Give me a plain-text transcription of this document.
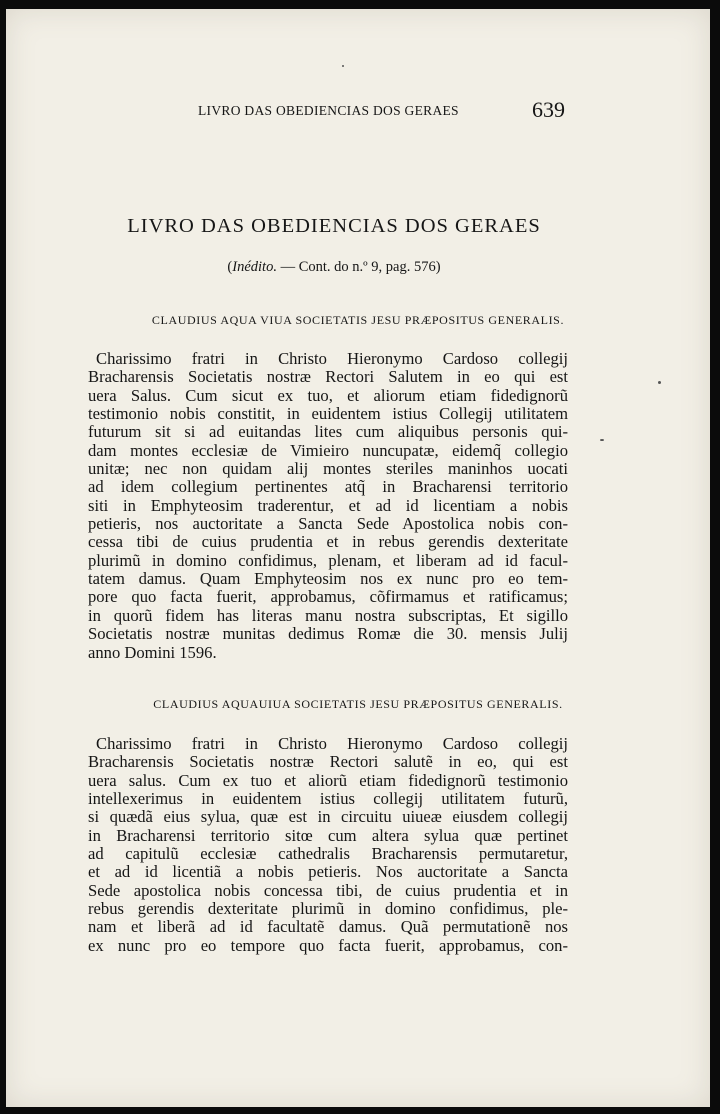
LIVRO DAS OBEDIENCIAS DOS GERAES	639
LIVRO DAS OBEDIENCIAS DOS GERAES
(Inédito. — Cont. do n.º 9, pag. 576)
CLAUDIUS AQUA VIUA SOCIETATIS JESU PRÆPOSITUS GENERALIS.
Charissimo fratri in Christo Hieronymo Cardoso collegij
Bracharensis Societatis nostræ Rectori Salutem in eo qui est
uera Salus. Cum sicut ex tuo, et aliorum etiam fidedignorũ
testimonio nobis constitit, in euidentem istius Collegij utilitatem
futurum sit si ad euitandas lites cum aliquibus personis qui-
dam montes ecclesiæ de Vimieiro nuncupatæ, eidemq̃ collegio
unitæ; nec non quidam alij montes steriles maninhos uocati
ad idem collegium pertinentes atq̃ in Bracharensi territorio
siti in Emphyteosim traderentur, et ad id licentiam a nobis
petieris, nos auctoritate a Sancta Sede Apostolica nobis con-
cessa tibi de cuius prudentia et in rebus gerendis dexteritate
plurimũ in domino confidimus, plenam, et liberam ad id facul-
tatem damus. Quam Emphyteosim nos ex nunc pro eo tem-
pore quo facta fuerit, approbamus, cõfirmamus et ratificamus;
in quorũ fidem has literas manu nostra subscriptas, Et sigillo
Societatis nostræ munitas dedimus Romæ die 30. mensis Julij
anno Domini 1596.
CLAUDIUS AQUAUIUA SOCIETATIS JESU PRÆPOSITUS GENERALIS.
Charissimo fratri in Christo Hieronymo Cardoso collegij
Bracharensis Societatis nostræ Rectori salutẽ in eo, qui est
uera salus. Cum ex tuo et aliorũ etiam fidedignorũ testimonio
intellexerimus in euidentem istius collegij utilitatem futurũ,
si quædã eius sylua, quæ est in circuitu uiueæ eiusdem collegij
in Bracharensi territorio sitœ cum altera sylua quæ pertinet
ad capitulũ ecclesiæ cathedralis Bracharensis permutaretur,
et ad id licentiã a nobis petieris. Nos auctoritate a Sancta
Sede apostolica nobis concessa tibi, de cuius prudentia et in
rebus gerendis dexteritate plurimũ in domino confidimus, ple-
nam et liberã ad id facultatẽ damus. Quã permutationẽ nos
ex nunc pro eo tempore quo facta fuerit, approbamus, con-
